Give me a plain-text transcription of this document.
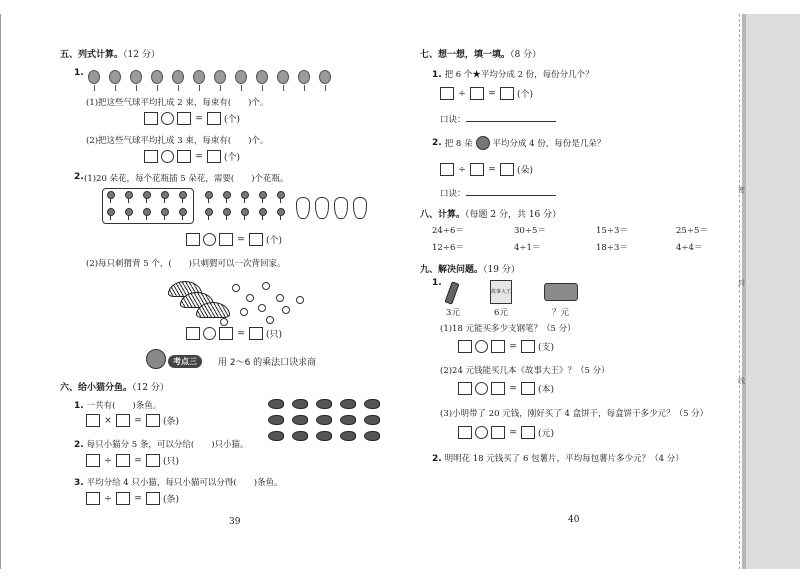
密
封
线
五、列式计算。（12 分）
1.
(1)把这些气球平均扎成 2 束，每束有(　　)个。
= (个)
(2)把这些气球平均扎成 3 束，每束有(　　)个。
= (个)
2. (1)20 朵花，每个花瓶插 5 朵花，需要(　　)个花瓶。
= (个)
(2)每只刺猬背 5 个，(　　)只刺猬可以一次背回家。
= (只)
考点三	用 2～6 的乘法口诀求商
六、给小猫分鱼。（12 分）
1. 一共有(　　)条鱼。
× = (条)
2. 每只小猫分 5 条，可以分给(　　)只小猫。
÷ = (只)
3. 平均分给 4 只小猫，每只小猫可以分得(　　)条鱼。
÷ = (条)
39
七、想一想，填一填。（8 分）
1. 把 6 个★平均分成 2 份，每份分几个？
÷ = (个)
口诀：
2. 把 8 朵 平均分成 4 份，每份是几朵？
÷ = (朵)
口诀：
八、计算。（每题 2 分，共 16 分）
24÷6＝	30÷5＝	15÷3＝	25÷5＝
12÷6＝	4÷1＝	18÷3＝	4÷4＝
九、解决问题。（19 分）
1.
3元
故事大王
6元	？元
(1)18 元能买多少支钢笔？（5 分）
= (支)
(2)24 元钱能买几本《故事大王》？（5 分）
= (本)
(3)小明带了 20 元钱，刚好买了 4 盒饼干，每盒饼干多少元？（5 分）
= (元)
2. 明明花 18 元钱买了 6 包薯片，平均每包薯片多少元？（4 分）
40
